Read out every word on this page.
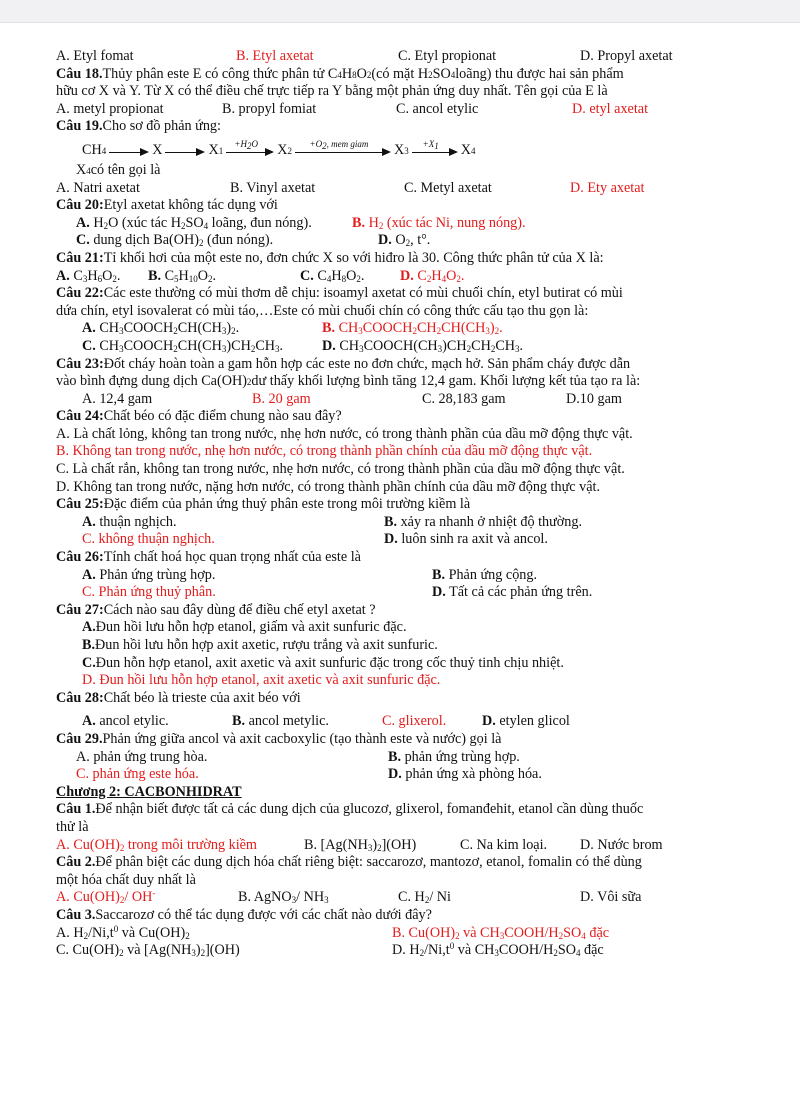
A. Etyl fomat	B. Etyl axetat	C. Etyl propionat	D. Propyl axetat
Câu 18. Thủy phân este E có công thức phân tử C 4 H 8 O 2 (có mặt H 2 SO 4 loãng) thu được hai sản phẩm
hữu cơ X và Y. Từ X có thể điều chế trực tiếp ra Y bằng một phản ứng duy nhất. Tên gọi của E là
A. metyl propionat	B. propyl fomiat	C. ancol etylic	D. etyl axetat
Câu 19. Cho sơ đồ phản ứng:
CH 4	X	X 1
$+H_2O$	X 2
$+O_2$, mem giam	X 3
$+X_1$	X 4
X 4 có tên gọi là
A. Natri axetat	B. Vinyl axetat	C. Metyl axetat	D. Ety axetat
Câu 20: Etyl axetat không tác dụng với
A. $H_2O$ (xúc tác $H_2SO_4$ loãng, đun nóng).	B. $H_2$ (xúc tác Ni, nung nóng).
C. dung dịch $Ba(OH)_2$ (đun nóng).	D. $O_2$, t°.
Câu 21: Tỉ khối hơi của một este no, đơn chức X so với hiđro là 30. Công thức phân tử của X là:
A. $C_3H_6O_2$.	B. $C_5H_{10}O_2$.	C. $C_4H_8O_2$.	D. $C_2H_4O_2$.
Câu 22: Các este thường có mùi thơm dễ chịu: isoamyl axetat có mùi chuối chín, etyl butirat có mùi
dứa chín, etyl isovalerat có mùi táo,…Este có mùi chuối chín có công thức cấu tạo thu gọn là:
A. $CH_3COOCH_2CH(CH_3)_2$.	B. $CH_3COOCH_2CH_2CH(CH_3)_2$.
C. $CH_3COOCH_2CH(CH_3)CH_2CH_3$.	D. $CH_3COOCH(CH_3)CH_2CH_2CH_3$.
Câu 23: Đốt cháy hoàn toàn a gam hỗn hợp các este no đơn chức, mạch hở. Sản phẩm cháy được dẫn
vào bình đựng dung dịch Ca(OH) 2 dư thấy khối lượng bình tăng 12,4 gam. Khối lượng kết tủa tạo ra là:
A. 12,4 gam	B. 20 gam	C. 28,183 gam	D.10 gam
Câu 24: Chất béo có đặc điểm chung nào sau đây?
A. Là chất lỏng, không tan trong nước, nhẹ hơn nước, có trong thành phần của dầu mỡ động thực vật.
B. Không tan trong nước, nhẹ hơn nước, có trong thành phần chính của dầu mỡ động thực vật.
C. Là chất rắn, không tan trong nước, nhẹ hơn nước, có trong thành phần của dầu mỡ động thực vật.
D. Không tan trong nước, nặng hơn nước, có trong thành phần chính của dầu mỡ động thực vật.
Câu 25: Đặc điểm của phản ứng thuỷ phân este trong môi trường kiềm là
A. thuận nghịch.	B. xảy ra nhanh ở nhiệt độ thường.
C. không thuận nghịch.	D. luôn sinh ra axit và ancol.
Câu 26: Tính chất hoá học quan trọng nhất của este là
A. Phản ứng trùng hợp.	B. Phản ứng cộng.
C. Phản ứng thuỷ phân.	D. Tất cả các phản ứng trên.
Câu 27: Cách nào sau đây dùng để điều chế etyl axetat ?
A. Đun hồi lưu hỗn hợp etanol, giấm và axit sunfuric đặc.
B. Đun hồi lưu hỗn hợp axit axetic, rượu trắng và axit sunfuric.
C. Đun hỗn hợp etanol, axit axetic và axit sunfuric đặc trong cốc thuỷ tinh chịu nhiệt.
D. Đun hồi lưu hỗn hợp etanol, axit axetic và axit sunfuric đặc.
Câu 28: Chất béo là trieste của axit béo với
A. ancol etylic.	B. ancol metylic.	C. glixerol.	D. etylen glicol
Câu 29. Phản ứng giữa ancol và axit cacboxylic (tạo thành este và nước) gọi là
A. phản ứng trung hòa.	B. phản ứng trùng hợp.
C. phản ứng este hóa.	D. phản ứng xà phòng hóa.
Chương 2: CACBONHIDRAT
Câu 1. Để nhận biết được tất cả các dung dịch của glucozơ, glixerol, fomanđehit, etanol cần dùng thuốc
thử là
A. $Cu(OH)_2$ trong môi trường kiềm	B. $[Ag(NH_3)_2](OH)$	C. Na kim loại.	D. Nước brom
Câu 2. Để phân biệt các dung dịch hóa chất riêng biệt: saccarozơ, mantozơ, etanol, fomalin có thể dùng
một hóa chất duy nhất là
A. $Cu(OH)_2/$ OH-	B. AgNO$_3$/ $NH_3$	C. $H_2/$ Ni	D. Vôi sữa
Câu 3. Saccarozơ có thể tác dụng được với các chất nào dưới đây?
A. $H_2/Ni,t^0$ và $Cu(OH)_2$	B. $Cu(OH)_2$ và $CH_3COOH/H_2SO_4$ đặc
C. $Cu(OH)_2$ và $[Ag(NH_3)_2](OH)$	D. $H_2/Ni,t^0$ và $CH_3COOH/H_2SO_4$ đặc
